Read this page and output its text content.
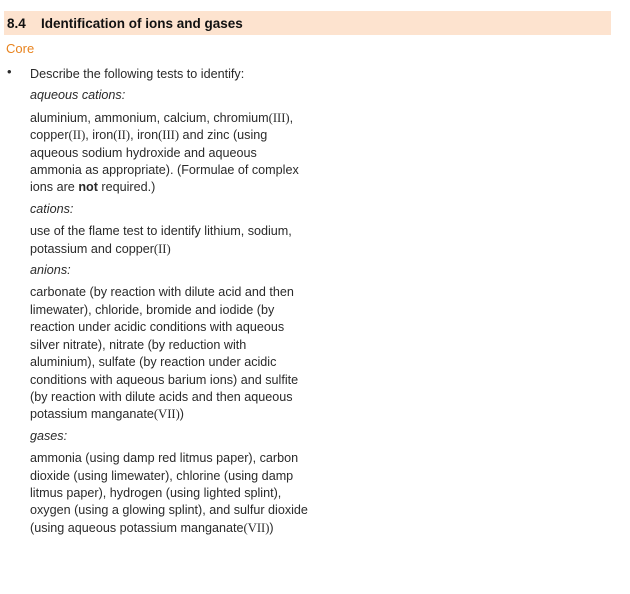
8.4	Identification of ions and gases
Core
• Describe the following tests to identify:

aqueous cations:

aluminium, ammonium, calcium, chromium(III), copper(II), iron(II), iron(III) and zinc (using aqueous sodium hydroxide and aqueous ammonia as appropriate). (Formulae of complex ions are not required.)

cations:

use of the flame test to identify lithium, sodium, potassium and copper(II)

anions:

carbonate (by reaction with dilute acid and then limewater), chloride, bromide and iodide (by reaction under acidic conditions with aqueous silver nitrate), nitrate (by reduction with aluminium), sulfate (by reaction under acidic conditions with aqueous barium ions) and sulfite (by reaction with dilute acids and then aqueous potassium manganate(VII))

gases:

ammonia (using damp red litmus paper), carbon dioxide (using limewater), chlorine (using damp litmus paper), hydrogen (using lighted splint), oxygen (using a glowing splint), and sulfur dioxide (using aqueous potassium manganate(VII))
